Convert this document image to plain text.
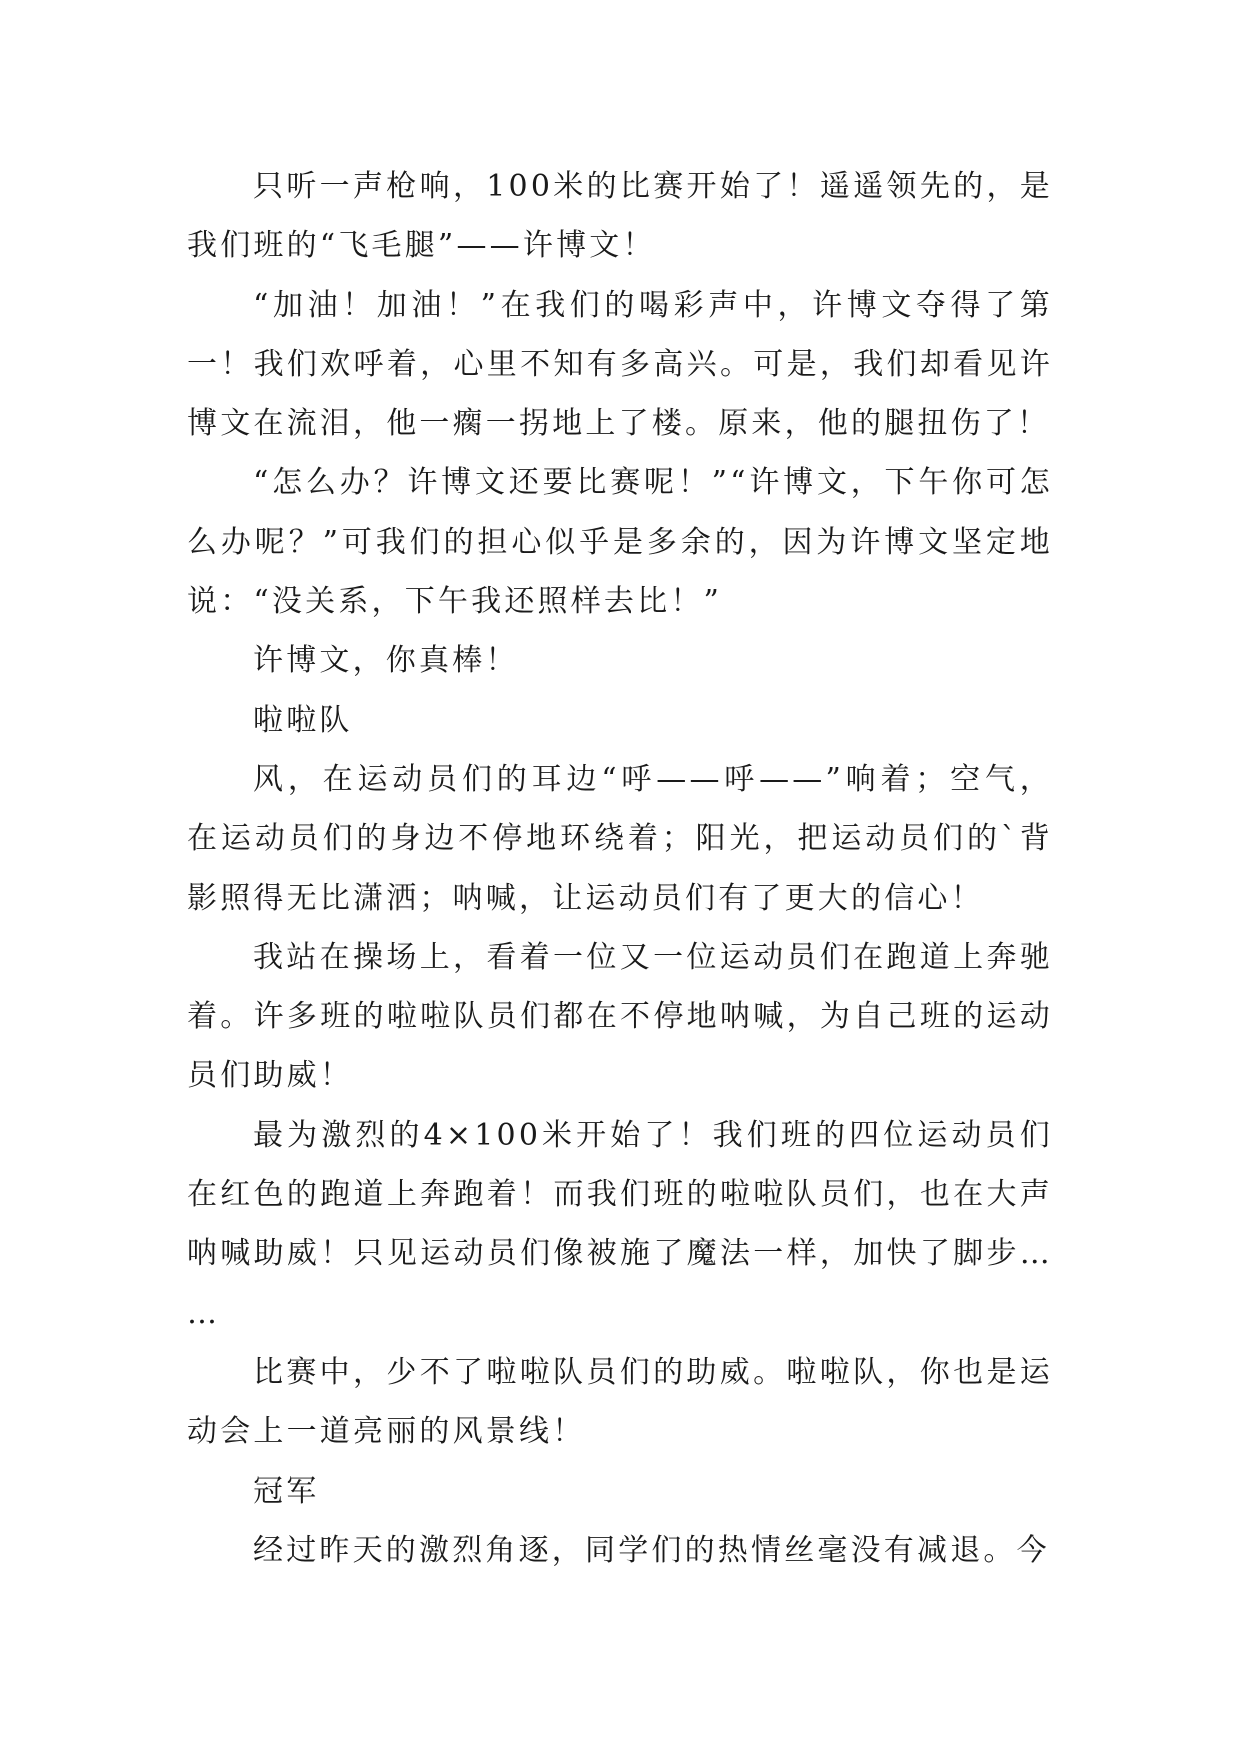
只听一声枪响，100米的比赛开始了！遥遥领先的，是我们班的“飞毛腿”——许博文！

“加油！加油！”在我们的喝彩声中，许博文夺得了第一！我们欢呼着，心里不知有多高兴。可是，我们却看见许博文在流泪，他一瘸一拐地上了楼。原来，他的腿扭伤了！

“怎么办？许博文还要比赛呢！”“许博文，下午你可怎么办呢？”可我们的担心似乎是多余的，因为许博文坚定地说：“没关系，下午我还照样去比！”

许博文，你真棒！

啦啦队

风，在运动员们的耳边“呼——呼——”响着；空气，在运动员们的身边不停地环绕着；阳光，把运动员们的`背影照得无比潇洒；呐喊，让运动员们有了更大的信心！

我站在操场上，看着一位又一位运动员们在跑道上奔驰着。许多班的啦啦队员们都在不停地呐喊，为自己班的运动员们助威！

最为激烈的4×100米开始了！我们班的四位运动员们在红色的跑道上奔跑着！而我们班的啦啦队员们，也在大声呐喊助威！只见运动员们像被施了魔法一样，加快了脚步……

比赛中，少不了啦啦队员们的助威。啦啦队，你也是运动会上一道亮丽的风景线！

冠军

经过昨天的激烈角逐，同学们的热情丝毫没有减退。今
